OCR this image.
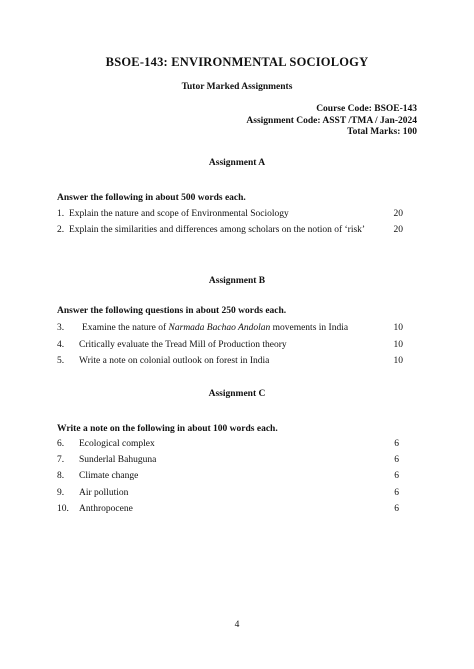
BSOE-143: ENVIRONMENTAL SOCIOLOGY
Tutor Marked Assignments
Course Code: BSOE-143
Assignment Code: ASST /TMA / Jan-2024
Total Marks: 100
Assignment A
Answer the following in about 500 words each.
1. Explain the nature and scope of Environmental Sociology	20
2. Explain the similarities and differences among scholars on the notion of ‘risk’	20
Assignment B
Answer the following questions in about 250 words each.
3. Examine the nature of Narmada Bachao Andolan movements in India	10
4. Critically evaluate the Tread Mill of Production theory	10
5. Write a note on colonial outlook on forest in India	10
Assignment C
Write a note on the following in about 100 words each.
6. Ecological complex	6
7. Sunderlal Bahuguna	6
8. Climate change	6
9. Air pollution	6
10. Anthropocene	6
4
